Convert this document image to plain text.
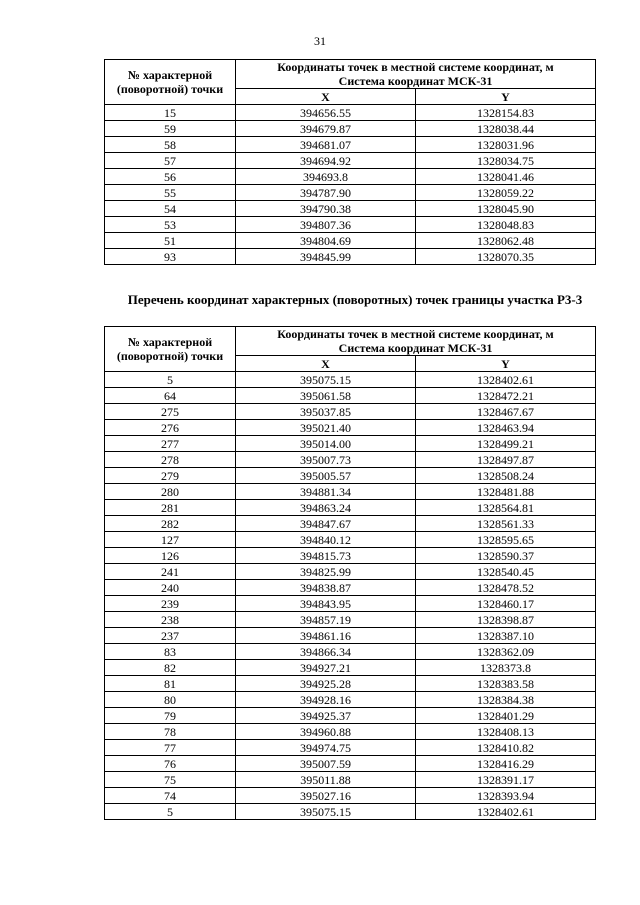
31
№ характерной (поворотной) точки	Координаты точек в местной системе координат, м	
	Система координат МСК-31	
	X	Y
15	394656.55	1328154.83
59	394679.87	1328038.44
58	394681.07	1328031.96
57	394694.92	1328034.75
56	394693.8	1328041.46
55	394787.90	1328059.22
54	394790.38	1328045.90
53	394807.36	1328048.83
51	394804.69	1328062.48
93	394845.99	1328070.35
Перечень координат характерных (поворотных) точек границы участка Р3-3
№ характерной (поворотной) точки	Координаты точек в местной системе координат, м	
	Система координат МСК-31	
	X	Y
5	395075.15	1328402.61
64	395061.58	1328472.21
275	395037.85	1328467.67
276	395021.40	1328463.94
277	395014.00	1328499.21
278	395007.73	1328497.87
279	395005.57	1328508.24
280	394881.34	1328481.88
281	394863.24	1328564.81
282	394847.67	1328561.33
127	394840.12	1328595.65
126	394815.73	1328590.37
241	394825.99	1328540.45
240	394838.87	1328478.52
239	394843.95	1328460.17
238	394857.19	1328398.87
237	394861.16	1328387.10
83	394866.34	1328362.09
82	394927.21	1328373.8
81	394925.28	1328383.58
80	394928.16	1328384.38
79	394925.37	1328401.29
78	394960.88	1328408.13
77	394974.75	1328410.82
76	395007.59	1328416.29
75	395011.88	1328391.17
74	395027.16	1328393.94
5	395075.15	1328402.61
